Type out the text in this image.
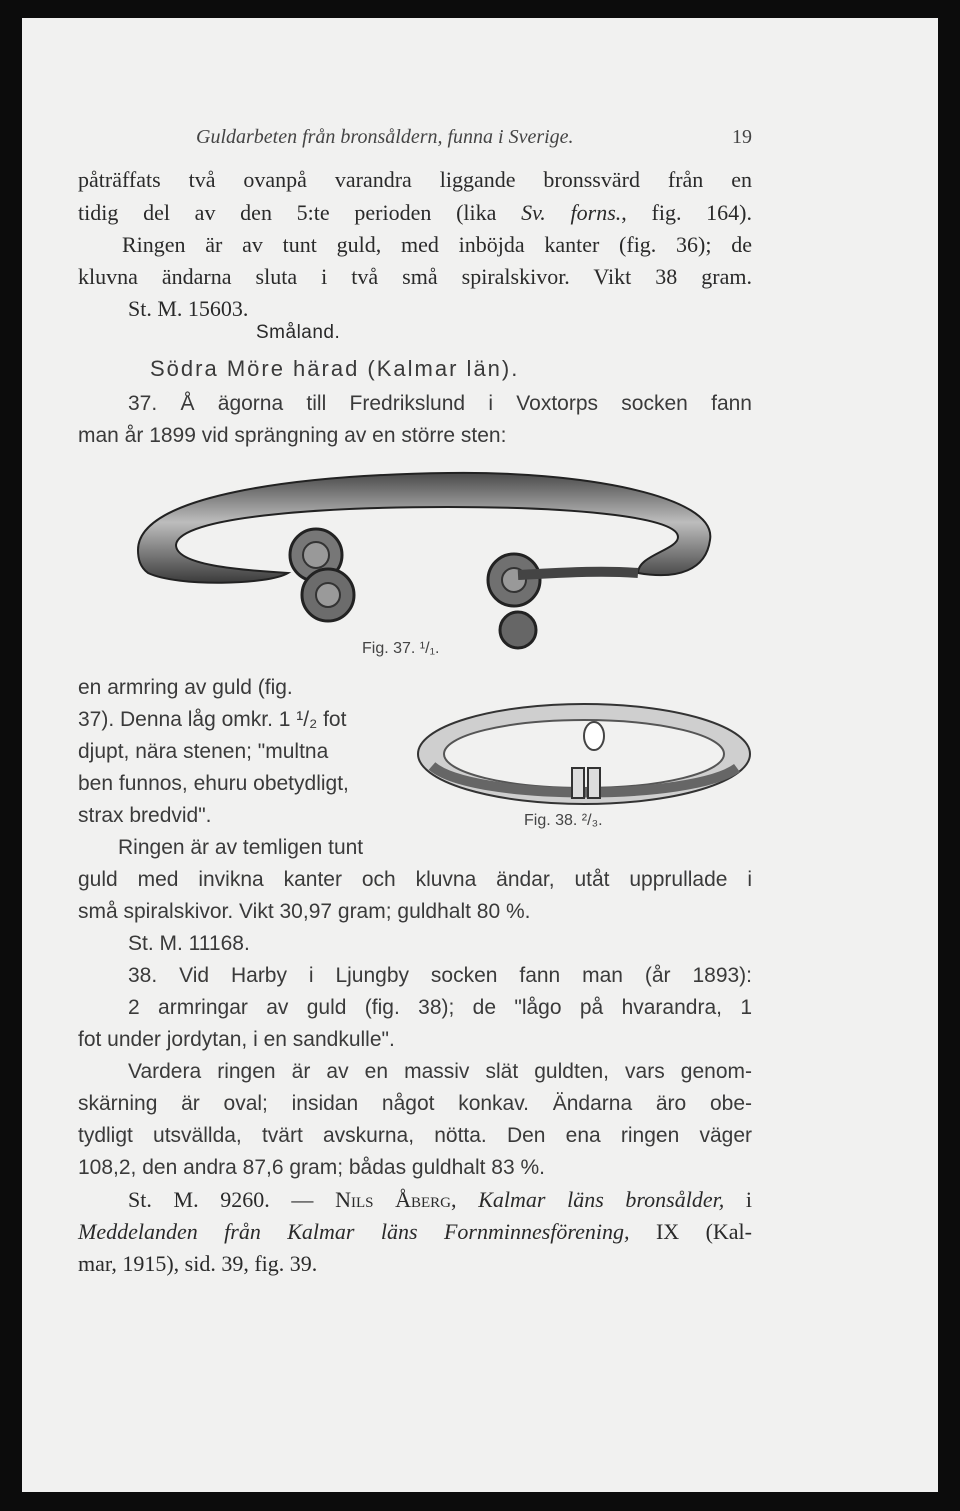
Guldarbeten från bronsåldern, funna i Sverige.	19
påträffats två ovanpå varandra liggande bronssvärd från en
tidig del av den 5:te perioden (lika Sv. forns., fig. 164).
Ringen är av tunt guld, med inböjda kanter (fig. 36); de
kluvna ändarna sluta i två små spiralskivor. Vikt 38 gram.
St. M. 15603.
Småland.
Södra Möre härad (Kalmar län).
37. Å ägorna till Fredrikslund i Voxtorps socken fann
man år 1899 vid sprängning av en större sten:
Fig. 37. ¹/₁.
en armring av guld (fig.
37). Denna låg omkr. 1 ¹/₂ fot
djupt, nära stenen; "multna
ben funnos, ehuru obetydligt,
strax bredvid".
Ringen är av temligen tunt
Fig. 38. ²/₃.
guld med invikna kanter och kluvna ändar, utåt upprullade i
små spiralskivor. Vikt 30,97 gram; guldhalt 80 %.
St. M. 11168.
38. Vid Harby i Ljungby socken fann man (år 1893):
2 armringar av guld (fig. 38); de "lågo på hvarandra, 1
fot under jordytan, i en sandkulle".
Vardera ringen är av en massiv slät guldten, vars genom-
skärning är oval; insidan något konkav. Ändarna äro obe-
tydligt utsvällda, tvärt avskurna, nötta. Den ena ringen väger
108,2, den andra 87,6 gram; bådas guldhalt 83 %.
St. M. 9260. — Nils Åberg, Kalmar läns bronsålder, i
Meddelanden från Kalmar läns Fornminnesförening, IX (Kal-
mar, 1915), sid. 39, fig. 39.
